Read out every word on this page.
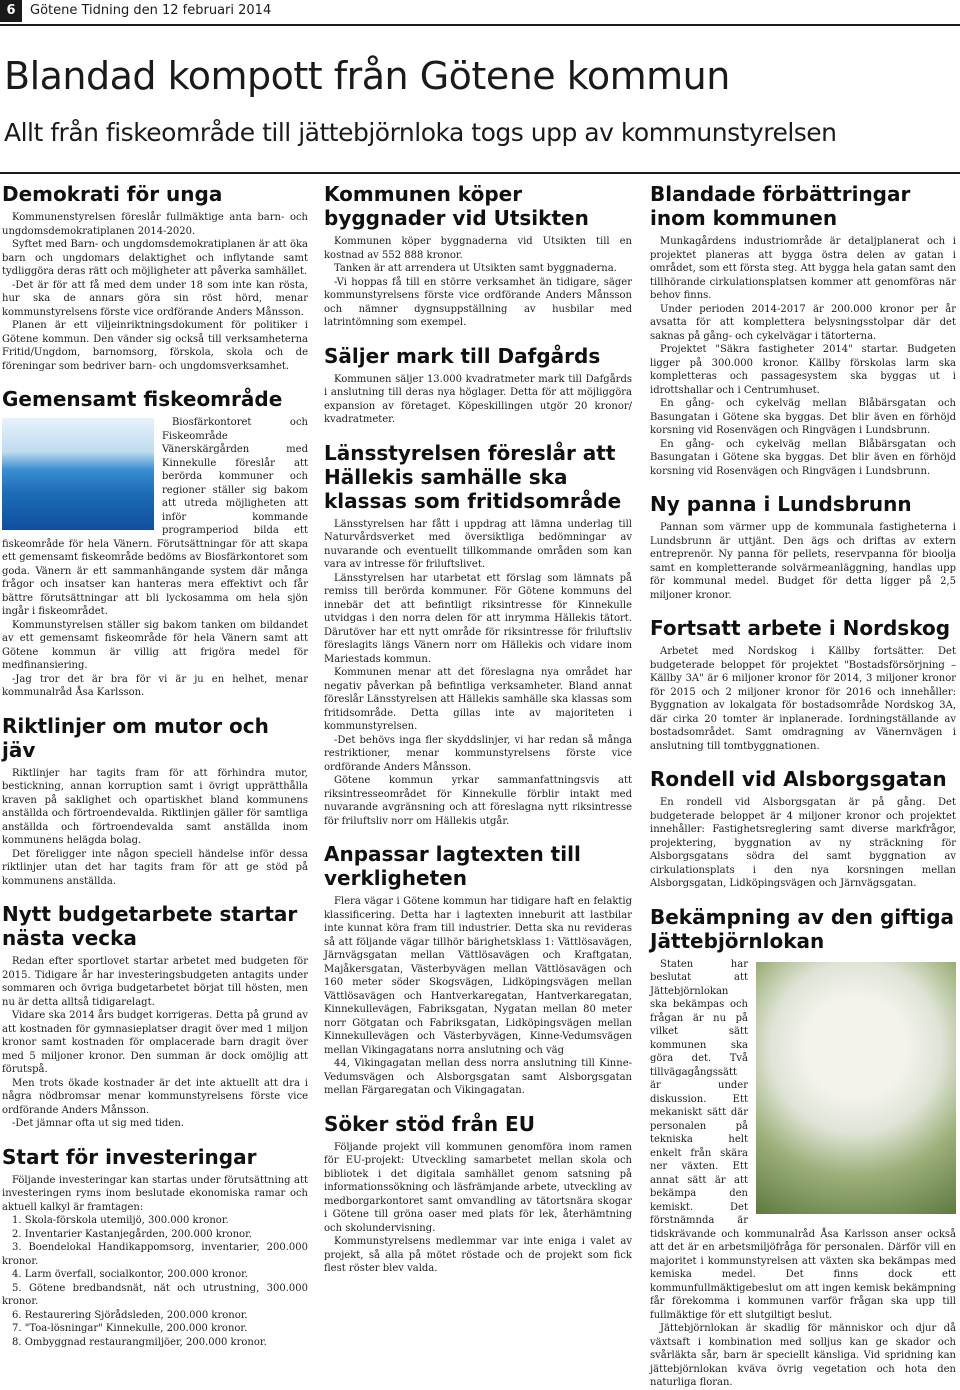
6	Götene Tidning den 12 februari 2014
Blandad kompott från Götene kommun
Allt från fiskeområde till jättebjörnloka togs upp av kommunstyrelsen
Demokrati för unga

Kommunenstyrelsen föreslår fullmäktige anta barn- och ungdomsdemokratiplanen 2014-2020.

Syftet med Barn- och ungdomsdemokratiplanen är att öka barn och ungdomars delaktighet och inflytande samt tydliggöra deras rätt och möjligheter att påverka samhället.

-Det är för att få med dem under 18 som inte kan rösta, hur ska de annars göra sin röst hörd, menar kommunstyrelsens förste vice ordförande Anders Månsson.

Planen är ett viljeinriktningsdokument för politiker i Götene kommun. Den vänder sig också till verksamheterna Fritid/Ungdom, barnomsorg, förskola, skola och de föreningar som bedriver barn- och ungdomsverksamhet.

Gemensamt fiskeområde

Biosfärkontoret och Fiskeområde Vänerskärgården med Kinnekulle föreslår att berörda kommuner och regioner ställer sig bakom att utreda möjligheten att inför kommande programperiod bilda ett fiskeområde för hela Vänern. Förutsättningar för att skapa ett gemensamt fiskeområde bedöms av Biosfärkontoret som goda. Vänern är ett sammanhängande system där många frågor och insatser kan hanteras mera effektivt och får bättre förutsättningar att bli lyckosamma om hela sjön ingår i fiskeområdet.

Kommunstyrelsen ställer sig bakom tanken om bildandet av ett gemensamt fiskeområde för hela Vänern samt att Götene kommun är villig att frigöra medel för medfinansiering.

-Jag tror det är bra för vi är ju en helhet, menar kommunalråd Åsa Karlsson.

Riktlinjer om mutor och jäv

Riktlinjer har tagits fram för att förhindra mutor, bestickning, annan korruption samt i övrigt upprätthålla kraven på saklighet och opartiskhet bland kommunens anställda och förtroendevalda. Riktlinjen gäller för samtliga anställda och förtroendevalda samt anställda inom kommunens helägda bolag.

Det föreligger inte någon speciell händelse inför dessa riktlinjer utan det har tagits fram för att ge stöd på kommunens anställda.

Nytt budgetarbete startar nästa vecka

Redan efter sportlovet startar arbetet med budgeten för 2015. Tidigare år har investeringsbudgeten antagits under sommaren och övriga budgetarbetet börjat till hösten, men nu är detta alltså tidigarelagt.

Vidare ska 2014 års budget korrigeras. Detta på grund av att kostnaden för gymnasieplatser dragit över med 1 miljon kronor samt kostnaden för omplacerade barn dragit över med 5 miljoner kronor. Den summan är dock omöjlig att förutspå.

Men trots ökade kostnader är det inte aktuellt att dra i några nödbromsar menar kommunstyrelsens förste vice ordförande Anders Månsson.

-Det jämnar ofta ut sig med tiden.

Start för investeringar

Följande investeringar kan startas under förutsättning att investeringen ryms inom beslutade ekonomiska ramar och aktuell kalkyl är framtagen:

1. Skola-förskola utemiljö, 300.000 kronor.

2. Inventarier Kastanjegården, 200.000 kronor.

3. Boendelokal Handikappomsorg, inventarier, 200.000 kronor.

4. Larm överfall, socialkontor, 200.000 kronor.

5. Götene bredbandsnät, nät och utrustning, 300.000 kronor.

6. Restaurering Sjörådsleden, 200.000 kronor.

7. "Toa-lösningar" Kinnekulle, 200.000 kronor.

8. Ombyggnad restaurangmiljöer, 200.000 kronor.

Kommunen köper byggnader vid Utsikten

Kommunen köper byggnaderna vid Utsikten till en kostnad av 552 888 kronor.

Tanken är att arrendera ut Utsikten samt byggnaderna.

-Vi hoppas få till en större verksamhet än tidigare, säger kommunstyrelsens förste vice ordförande Anders Månsson och nämner dygnsuppställning av husbilar med latrintömning som exempel.

Säljer mark till Dafgårds

Kommunen säljer 13.000 kvadratmeter mark till Dafgårds i anslutning till deras nya höglager. Detta för att möjliggöra expansion av företaget. Köpeskillingen utgör 20 kronor/ kvadratmeter.

Länsstyrelsen föreslår att Hällekis samhälle ska klassas som fritidsområde

Länsstyrelsen har fått i uppdrag att lämna underlag till Naturvårdsverket med översiktliga bedömningar av nuvarande och eventuellt tillkommande områden som kan vara av intresse för friluftslivet.

Länsstyrelsen har utarbetat ett förslag som lämnats på remiss till berörda kommuner. För Götene kommuns del innebär det att befintligt riksintresse för Kinnekulle utvidgas i den norra delen för att inrymma Hällekis tätort. Därutöver har ett nytt område för riksintresse för friluftsliv föreslagits längs Vänern norr om Hällekis och vidare inom Mariestads kommun.

Kommunen menar att det föreslagna nya området har negativ påverkan på befintliga verksamheter. Bland annat föreslår Länsstyrelsen att Hällekis samhälle ska klassas som fritidsområde. Detta gillas inte av majoriteten i kommunstyrelsen.

-Det behövs inga fler skyddslinjer, vi har redan så många restriktioner, menar kommunstyrelsens förste vice ordförande Anders Månsson.

Götene kommun yrkar sammanfattningsvis att riksintresseområdet för Kinnekulle förblir intakt med nuvarande avgränsning och att föreslagna nytt riksintresse för friluftsliv norr om Hällekis utgår.

Anpassar lagtexten till verkligheten

Flera vägar i Götene kommun har tidigare haft en felaktig klassificering. Detta har i lagtexten inneburit att lastbilar inte kunnat köra fram till industrier. Detta ska nu revideras så att följande vägar tillhör bärighetsklass 1: Vättlösavägen, Järnvägsgatan mellan Vättlösavägen och Kraftgatan, Majåkersgatan, Västerbyvägen mellan Vättlösavägen och 160 meter söder Skogsvägen, Lidköpingsvägen mellan Vättlösavägen och Hantverkaregatan, Hantverkaregatan, Kinnekullevägen, Fabriksgatan, Nygatan mellan 80 meter norr Götgatan och Fabriksgatan, Lidköpingsvägen mellan Kinnekullevägen och Västerbyvägen, Kinne-Vedumsvägen mellan Vikingagatans norra anslutning och väg

44, Vikingagatan mellan dess norra anslutning till Kinne-Vedumsvägen och Alsborgsgatan samt Alsborgsgatan mellan Färgaregatan och Vikingagatan.

Söker stöd från EU

Följande projekt vill kommunen genomföra inom ramen för EU-projekt: Utveckling samarbetet mellan skola och bibliotek i det digitala samhället genom satsning på informationssökning och läsfrämjande arbete, utveckling av medborgarkontoret samt omvandling av tätortsnära skogar i Götene till gröna oaser med plats för lek, återhämtning och skolundervisning.

Kommunstyrelsens medlemmar var inte eniga i valet av projekt, så alla på mötet röstade och de projekt som fick flest röster blev valda.

Blandade förbättringar inom kommunen

Munkagårdens industriområde är detaljplanerat och i projektet planeras att bygga östra delen av gatan i området, som ett första steg. Att bygga hela gatan samt den tillhörande cirkulationsplatsen kommer att genomföras när behov finns.

Under perioden 2014-2017 är 200.000 kronor per år avsatta för att komplettera belysningsstolpar där det saknas på gång- och cykelvägar i tätorterna.

Projektet "Säkra fastigheter 2014" startar. Budgeten ligger på 300.000 kronor. Källby förskolas larm ska kompletteras och passagesystem ska byggas ut i idrottshallar och i Centrumhuset.

En gång- och cykelväg mellan Blåbärsgatan och Basungatan i Götene ska byggas. Det blir även en förhöjd korsning vid Rosenvägen och Ringvägen i Lundsbrunn.

En gång- och cykelväg mellan Blåbärsgatan och Basungatan i Götene ska byggas. Det blir även en förhöjd korsning vid Rosenvägen och Ringvägen i Lundsbrunn.

Ny panna i Lundsbrunn

Pannan som värmer upp de kommunala fastigheterna i Lundsbrunn är uttjänt. Den ägs och driftas av extern entreprenör. Ny panna för pellets, reservpanna för bioolja samt en kompletterande solvärmeanläggning, handlas upp för kommunal medel. Budget för detta ligger på 2,5 miljoner kronor.

Fortsatt arbete i Nordskog

Arbetet med Nordskog i Källby fortsätter. Det budgeterade beloppet för projektet "Bostadsförsörjning – Källby 3A" är 6 miljoner kronor för 2014, 3 miljoner kronor för 2015 och 2 miljoner kronor för 2016 och innehåller: Byggnation av lokalgata för bostadsområde Nordskog 3A, där cirka 20 tomter är inplanerade. Iordningställande av bostadsområdet. Samt omdragning av Vänernvägen i anslutning till tomtbyggnationen.

Rondell vid Alsborgsgatan

En rondell vid Alsborgsgatan är på gång. Det budgeterade beloppet är 4 miljoner kronor och projektet innehåller: Fastighetsreglering samt diverse markfrågor, projektering, byggnation av ny sträckning för Alsborgsgatans södra del samt byggnation av cirkulationsplats i den nya korsningen mellan Alsborgsgatan, Lidköpingsvägen och Järnvägsgatan.

Bekämpning av den giftiga Jättebjörnlokan

Staten har beslutat att Jättebjörnlokan ska bekämpas och frågan är nu på vilket sätt kommunen ska göra det. Två tillvägagångssätt är under diskussion. Ett mekaniskt sätt där personalen på tekniska helt enkelt från skära ner växten. Ett annat sätt är att bekämpa den kemiskt. Det förstnämnda är tidskrävande och kommunalråd Åsa Karlsson anser också att det är en arbetsmiljöfråga för personalen. Därför vill en majoritet i kommunstyrelsen att växten ska bekämpas med kemiska medel. Det finns dock ett kommunfullmäktigebeslut om att ingen kemisk bekämpning får förekomma i kommunen varför frågan ska upp till fullmäktige för ett slutgiltigt beslut.

Jättebjörnlokan är skadlig för människor och djur då växtsaft i kombination med solljus kan ge skador och svårläkta sår, barn är speciellt känsliga. Vid spridning kan jättebjörnlokan kväva övrig vegetation och hota den naturliga floran.
